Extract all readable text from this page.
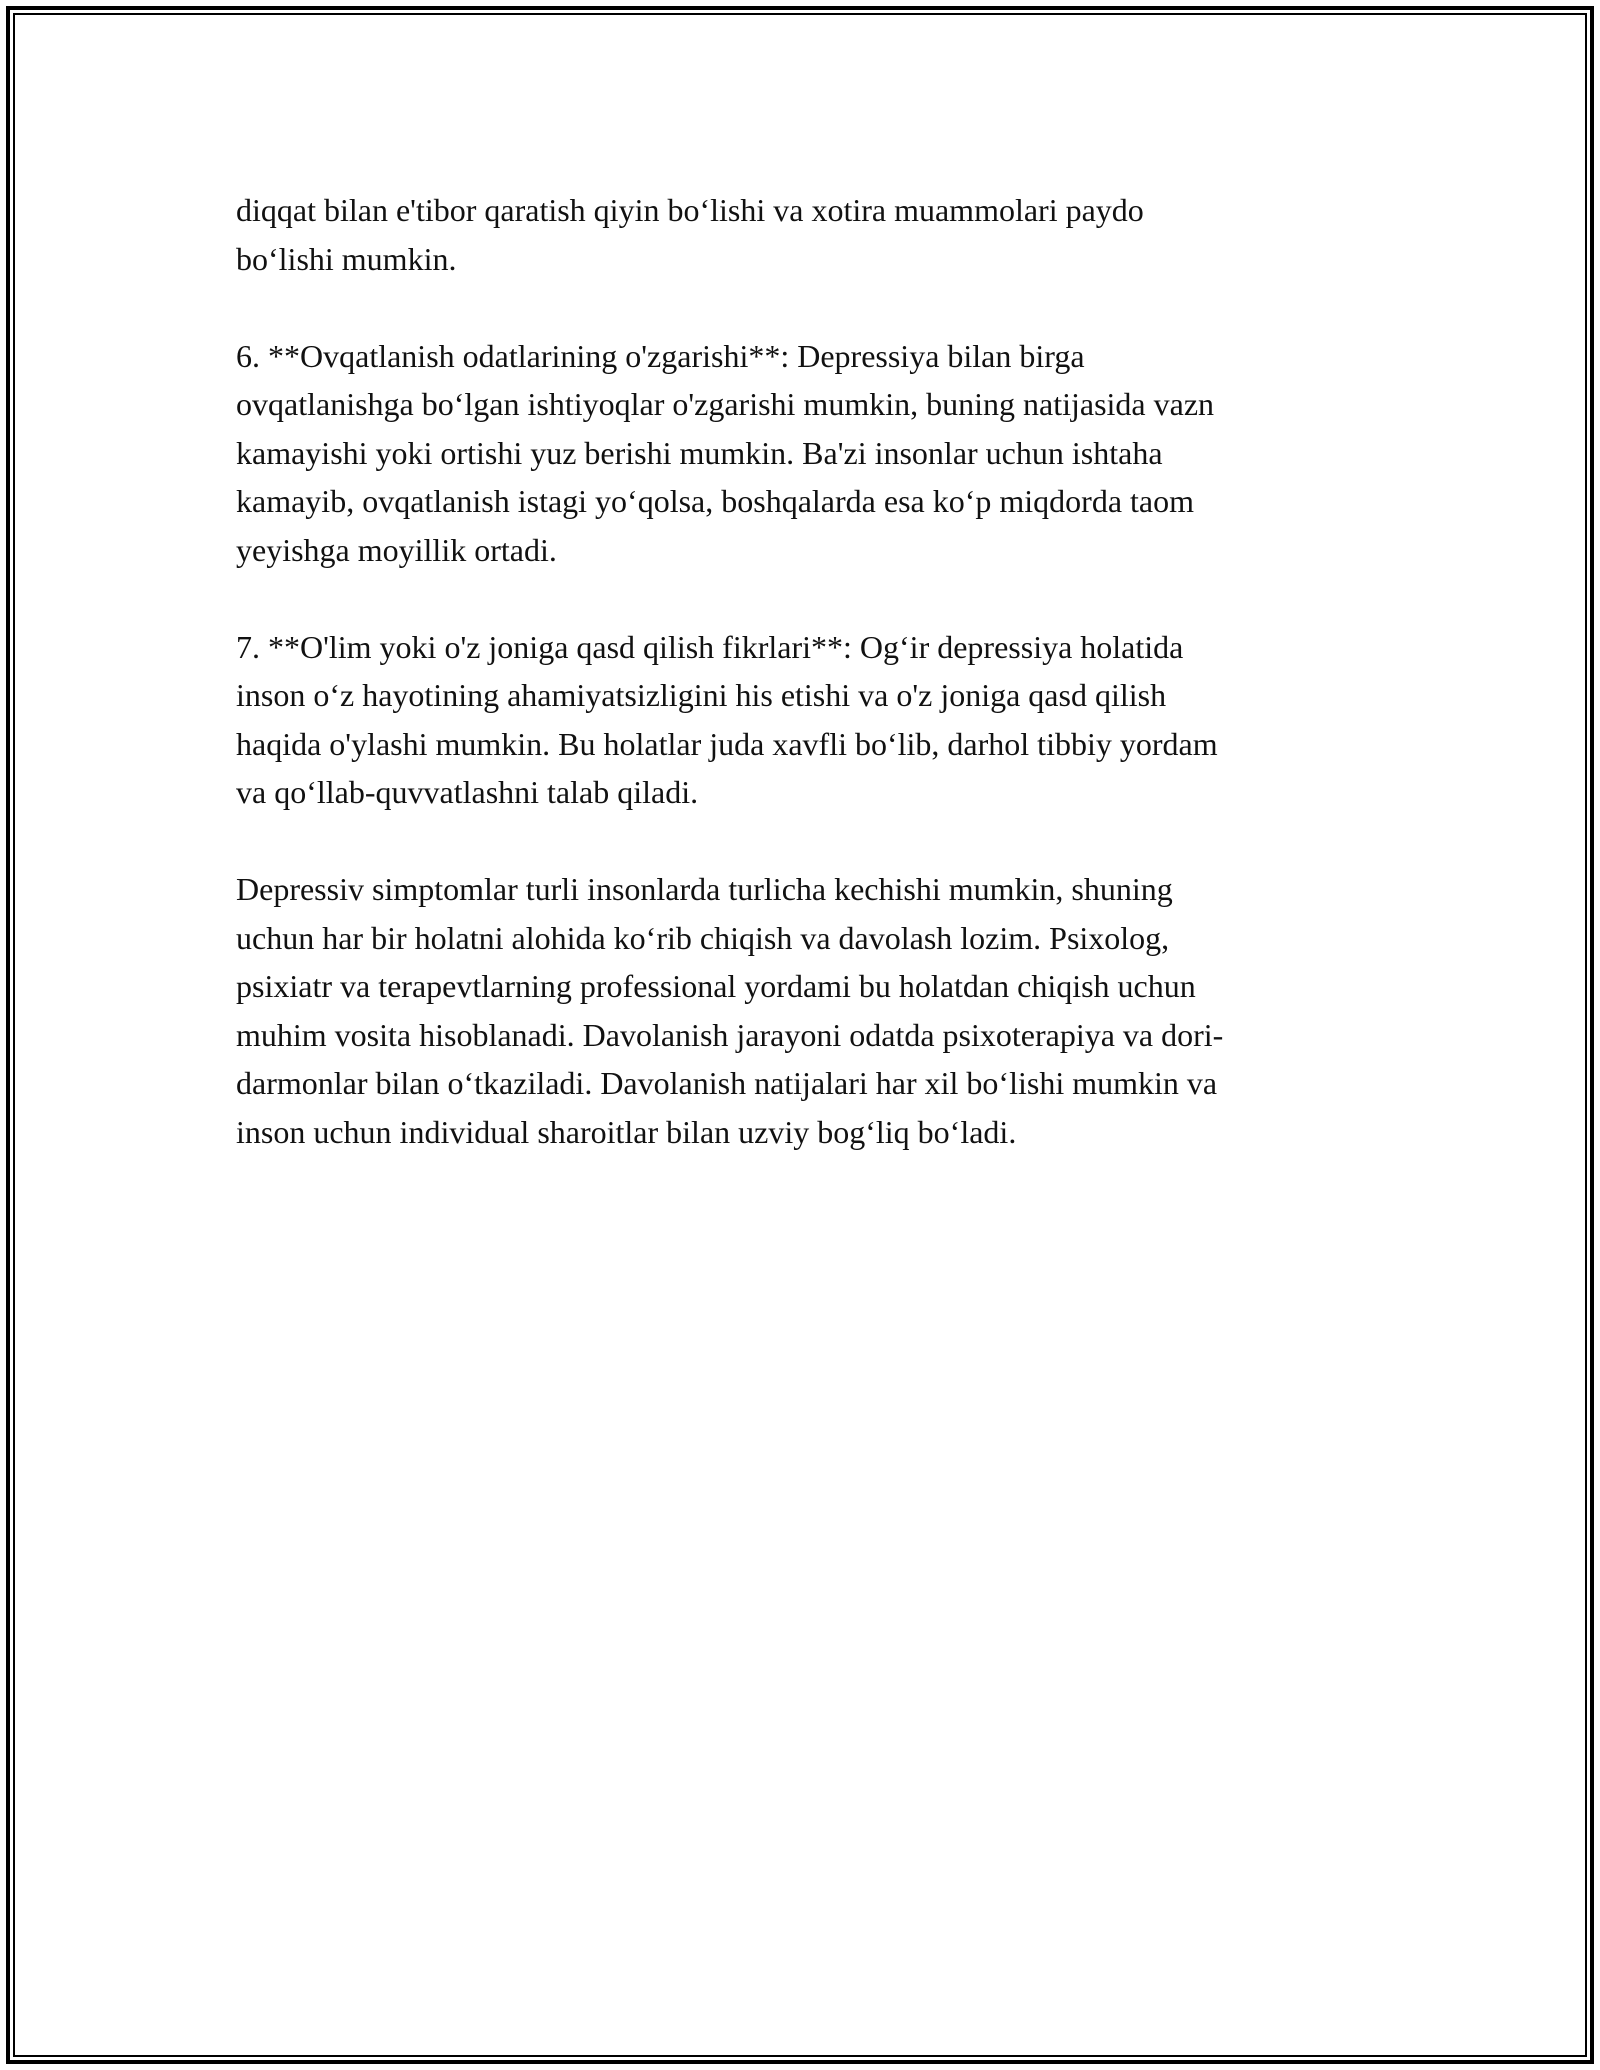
diqqat bilan e'tibor qaratish qiyin bo‘lishi va xotira muammolari paydo
bo‘lishi mumkin.

6. **Ovqatlanish odatlarining o'zgarishi**: Depressiya bilan birga
ovqatlanishga bo‘lgan ishtiyoqlar o'zgarishi mumkin, buning natijasida vazn
kamayishi yoki ortishi yuz berishi mumkin. Ba'zi insonlar uchun ishtaha
kamayib, ovqatlanish istagi yo‘qolsa, boshqalarda esa ko‘p miqdorda taom
yeyishga moyillik ortadi.

7. **O'lim yoki o'z joniga qasd qilish fikrlari**: Og‘ir depressiya holatida
inson o‘z hayotining ahamiyatsizligini his etishi va o'z joniga qasd qilish
haqida o'ylashi mumkin. Bu holatlar juda xavfli bo‘lib, darhol tibbiy yordam
va qo‘llab-quvvatlashni talab qiladi.

Depressiv simptomlar turli insonlarda turlicha kechishi mumkin, shuning
uchun har bir holatni alohida ko‘rib chiqish va davolash lozim. Psixolog,
psixiatr va terapevtlarning professional yordami bu holatdan chiqish uchun
muhim vosita hisoblanadi. Davolanish jarayoni odatda psixoterapiya va dori-
darmonlar bilan o‘tkaziladi. Davolanish natijalari har xil bo‘lishi mumkin va
inson uchun individual sharoitlar bilan uzviy bog‘liq bo‘ladi.
